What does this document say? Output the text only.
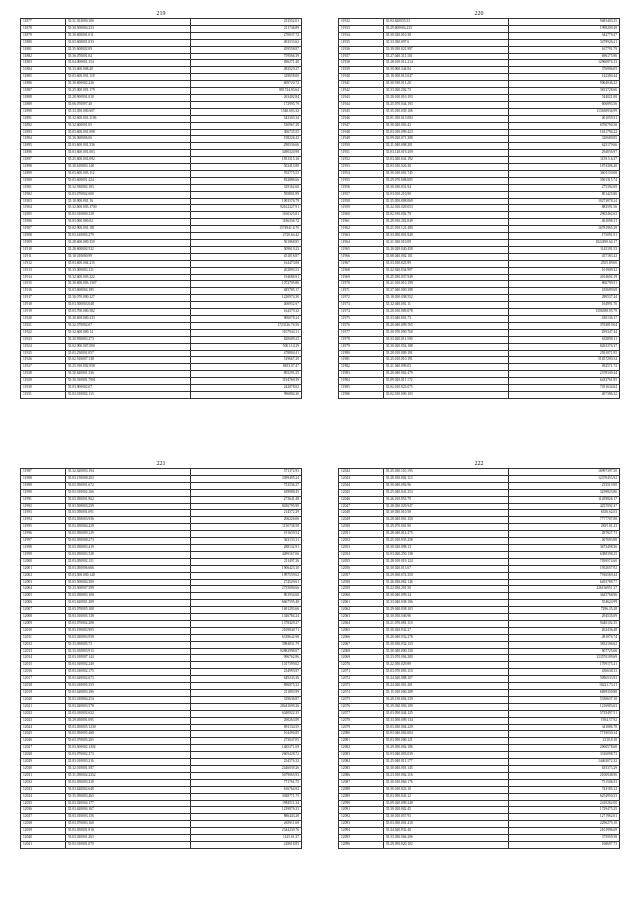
219
11877	35.31.353000.106	253552.01
11878	35.30.500004.233	211746.89
11879	35.30.600001.011	270037.72
11880	35.03.600001.033	402533.62
11881	35.35.600002.09	459558.87
11882	35.36.070001.04	759566.39
11883	35.04.000001.154	496271.40
11884	35.33.600.008.40	483529.27
11885	35.03.600.001.118	329658.00
11886	35.30.600002.226	609720.72
11887	35.25.000.001.179	881724.93.64
11888	35.28.900001.010	263402.84
11889	35.06.070097.40	172995.79
11890	35.33.050.000.607	1540.003.32
11891	35.32.600.001.1196	341303.34
11892	35.32.600001.05	530967.28
11893	35.03.600.001.098	306735.55
11894	35.36.060006.06	198226.43
11895	35.03.600.001.536	298336.66
11896	35.03.600.001.063	3490320.98
11897	35.25.600.001.092	1831315.16
11898	35.30.610003.148	502413.88
11899	35.03.600.003.112	765775.53
11900	35.03.600001.424	832886.66
11901	35.32.930002.183	329162.60
11902	35.03.070002.600	595801.89
11903	35.10.900.001.16	1903576.79
11904	35.32.600.003.1700	92612327.91
11905	35.03.010000.128	1160325.81
11906	35.03.000.000.02	1186336.72
11907	35.02.900.001.181	1574941.6.70
11908	35.03.610005.279	2726.64.42
11909	35.28.600.000.350	501868.85
11910	35.28.600002.532	309619.23
11911	35.10.010000.99	451018.87
11912	35.03.600.004.215	164473.08
11913	35.33.000003.121	202893.53
11914	35.32.600.003.322	194686.91
11915	35.30.600.003.1307	1072705.86
11916	35.03.600004.185	485785.17
11917	35.30.070.000.127	1220974.30
11918	35.03.500003.048	406952.97
11919	35.03.700.000.582	164379.32
11920	35.30.600.000.233	906078.24
11921	35.32.070002.67	1723126.76.56
11922	35.32.600.000.14	1107943.31
11923	35.30.950003.373	820689.23
11924	35.02.900.007.000	5001.10.29
11925	35.03.250001.057	478804.41
11926	35.02.910007.138	519667.29
11927	35.25.910.002.958	8493.07.47
11928	35.30.620001.336	805291.35
11929	35.30.010001.7001	1194769.39
11930	35.03.900002.67	242078.02
11931	35.03.010002.113	996884.36
220
11932	35.03.620035.53	9483403.35
11933	35.29.600004.233	1998209.49
11934	35.30.020.010.38	342779.27
11935	35.33.030.097.6	3479926.21
11936	35.30.030.021.997	167791.79
11937	35.27.040.311.101	696175.96
11938	35.28.010.012.214	12960874.13
11939	35.30.060.344.84	376996.05
11940	35.18.050.013.047	142394.44
11941	35.30.910.011.20	9064046.22
11942	35.33.020.202.73	3813728.66
11943	35.20.010.010.193	544021.08
11944	35.25.070.044.193	606893.56
11945	35.35.010.039.106	113638936.99
11946	35.01.030.013.084	401059.51
11947	35.30.020.003.43	6790790.56
11948	35.03.010.099.423	1631794.22
11949	35.09.020.071.388	320680.85
11950	35.21.040.008.201	625179.66
11951	35.03.120.019.209	294056.97
11952	35.03.020.041.192	1159.5.6.37
11953	35.03.010.026.30	1874306.26
11954	35.30.010.001.745	3601150.06
11955	35.29.070.008.005	3561315.74
11956	35.30.030.031.94	275392.69
11957	35.03.010.210.90	801425.86
11958	35.35.050.008.069	19273878.24
11959	35.22.010.029.053	885591.56
11960	35.02.910.002.79	2965462.63
11961	35.29.910.202.049	461096.31
11962	35.21.010.121.490	16781965.29
11963	35.33.050.001.940	175091.91
11964	35.21.030.010.09	1822490.64.17
11965	35.20.020.040.458	1145191.53
11966	35.08.040.002.101	457183.32
11967	35.33.010.025.99	2555.89.00
11968	35.22.020.034.997	101909.32
11969	35.25.030.037.949	4014692.19
11970	35.21.010.010.199	866799.51
11971	35.27.040.000.398	185699.69
11972	35.18.030.038.552	280537.44
11973	35.32.040.001.11	164991.76
11974	35.20.010.009.078	1506398.95.79
11975	35.33.040.001.73	430136.17
11976	35.20.040.009.765	3763819.04
11977	35.30.070.090.760	295347.44
11978	35.33.020.011.590	635090.11
11979	35.30.020.054.188	8263376.37
11980	35.20.010.009.191	2591071.95
11981	35.25.010.010.191	51657290.34
11982	35.21.040.009.03	492571.72
11983	35.20.040.002.479	2378349.44
11984	35.09.020.011.172	6433761.95
11985	35.02.010.023.075	7451634.64
11986	35.02.010.000.103	407396.32
221
11987	35.32.620003.194	371372.93
11988	35.03.150008.203	3399495.24
11989	35.03.050001.672	753536.27
11990	35.03.010002.166	639888.45
11991	35.03.050001.962	273641.48
11992	35.03.500003.259	8456795.90
11993	35.03.050001.091	214572.29
11994	35.03.050003.936	206226.06
11995	35.03.050004.229	1150738.58
11996	35.03.050009.129	191659.54
11997	35.03.050008.273	363133.31
11998	35.03.050003.419	288132.91
11999	35.03.050003.528	4489167.66
12000	35.03.050002.151	211497.26
12001	35.03.050006.666	1906423.10
12002	35.03.500.000.140	1997559.62
12003	35.03.500004.300	274529.61
12004	35.23.500007.399	2735690.66
12005	35.03.050003.100	801934.60
12006	35.03.620001.289	6667595.48
12007	35.03.070005.108	1691293.66
12008	35.03.010005.138	1346784.24
12009	35.03.070002.208	1378429.27
12010	35.03.190003.905	2169840.71
12011	35.03.020003.958	6318642.98
12012	35.33.050005.73	3984831.79
12013	35.33.010003.913	92882998.07
12014	35.03.010007.144	996762.86
12015	35.03.010002.240	1017599.02
12016	35.03.010002.175	234993.97
12017	35.03.620002.673	649243.36
12018	35.03.010005.333	896975.32
12019	35.03.620003.196	211893.99
12020	35.03.010004.254	339636.87
12021	35.03.020003.578	28441699.26
12022	35.03.010002.652	6340922.35
12023	35.29.050001.091	290263.89
12024	35.03.050005.1230	891134.55
12025	35.03.050005.468	104496.85
12026	35.03.070005.265	273047.05
12027	35.03.500002.1202	1485371.69
12028	35.03.070002.273	2605428.72
12029	35.03.010003.216	254576.32
12030	35.32.010001.587	2446039.26
12031	35.31.050002.2252	5679065.93
12032	35.03.050003.210	771761.75
12033	35.03.620002.640	616764.92
12034	35.35.050003.465	3948771.75
12035	35.03.020004.177	1984511.34
12036	35.03.620004.167	1239876.33
12037	35.03.010003.156	886443.28
12038	35.03.070003.160	265911.68
12039	35.03.050001.810	2344230.76
12040	35.03.020001.263	1145.01.37
12041	35.03.010001.070	418618.85
222
12042	35.25.030.110.193	16997397.50
12043	35.28.030.002.113	12370453.92
12044	35.30.040.092.96	233519.90
12045	35.25.040.041.254	3259823.86
12046	35.26.010.053.79	11459826.17
12047	35.28.030.029.947	4257092.37
12048	35.30.030.010.58	6356.62.03
12049	35.28.040.001.150	7777707.08
12050	35.29.070.001.90	2835.01.23
12051	35.28.040.014.275	287827.73
12052	35.25.010.035.258	267693.88
12053	35.30.020.098.13	3673498.36
12054	35.03.020.250.138	6388398.25
12055	35.28.010.019.124	7039574.60
12056	35.30.020.013.67	1952657.92
12057	35.29.030.074.350	7916569.44
12058	35.26.030.082.146	6455789.77
12059	35.22.030.201.50	226136951.37
12060	35.30.040.099.34	3645768.96
12061	35.33.040.038.106	554624.99
12062	35.29.040.038.103	7296.35.28
12063	35.30.030.046.96	294535.09
12064	35.21.070.081.110	9446102.35
12065	35.30.020.032.27	262436.48
12066	35.20.040.032.278	481076.74
12067	35.30.030.032.133	3832106.62
12068	35.30.040.000.130	607725.66
12069	35.23.070.004.280	123576109.69
12070	35.22.050.029.89	1709175.21
12071	35.03.070.003.110	436638.33
12072	35.24.020.088.107	5096533.93
12073	35.24.020.001.201	18221.73.11
12074	35.15.010.000.208	6699350.88
12075	35.20.150.004.239	5330637.10
12076	35.29.030.003.109	1216983.63
12077	35.03.050.044.125	5735497.51
12078	35.33.050.009.134	1934.57.92
12079	35.03.030.004.229	341886.78
12080	35.03.040.002.004	7719030.34
12081	35.03.050.000.121	2310.8.18
12082	35.29.050.002.106	2060578.68
12083	35.03.040.003.039	3316098.73
12084	35.25.040.011.177	14463072.32
12085	35.30.040.001.145	635373.29
12086	35.23.010.002.116	2106948.96
12087	35.30.010.066.176	751506.53
12088	35.30.010.023.10	743185.12
12089	35.03.050.043.12	6254950.53
12090	35.09.020.009.240	2410262.00
12091	35.30.020.002.45	1729475.35
12092	35.30.010.057.93	1271962.01
12093	35.03.030.001.410	2296279.10
12094	35.24.020.032.40	2161996.69
12095	35.33.030.004.206	375959.56
12096	35.29.050.020.102	168697.73
